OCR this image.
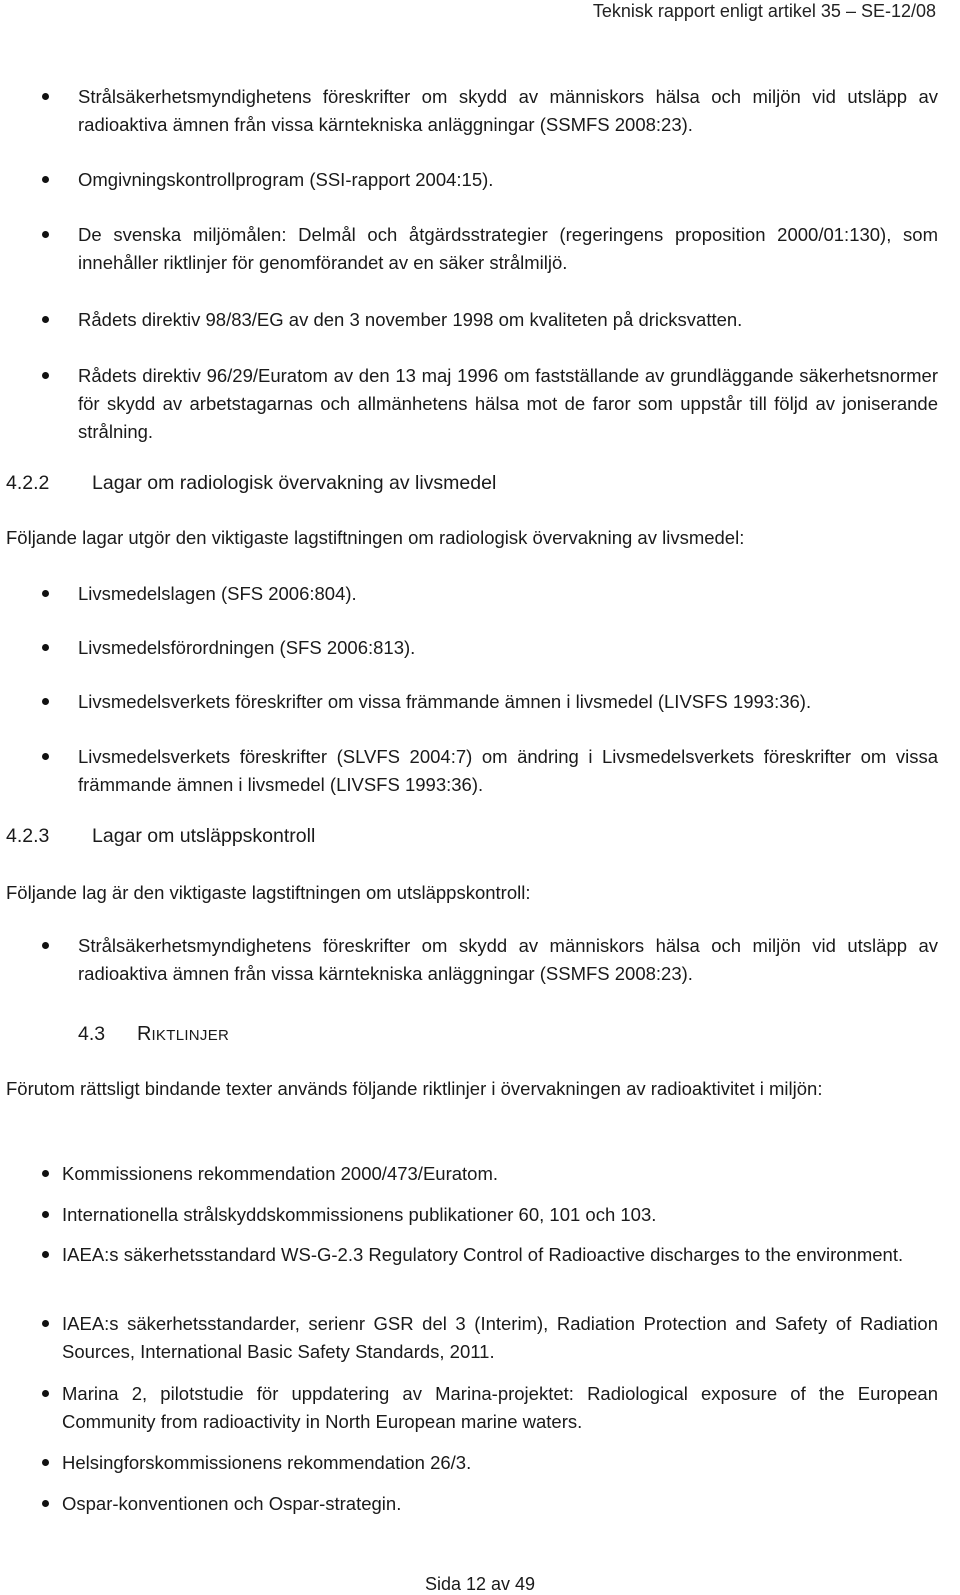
Teknisk rapport enligt artikel 35 – SE-12/08
Strålsäkerhetsmyndighetens föreskrifter om skydd av människors hälsa och miljön vid utsläpp av radioaktiva ämnen från vissa kärntekniska anläggningar (SSMFS 2008:23).
Omgivningskontrollprogram (SSI-rapport 2004:15).
De svenska miljömålen: Delmål och åtgärdsstrategier (regeringens proposition 2000/01:130), som innehåller riktlinjer för genomförandet av en säker strålmiljö.
Rådets direktiv 98/83/EG av den 3 november 1998 om kvaliteten på dricksvatten.
Rådets direktiv 96/29/Euratom av den 13 maj 1996 om fastställande av grundläggande säkerhetsnormer för skydd av arbetstagarnas och allmänhetens hälsa mot de faror som uppstår till följd av joniserande strålning.
4.2.2 Lagar om radiologisk övervakning av livsmedel
Följande lagar utgör den viktigaste lagstiftningen om radiologisk övervakning av livsmedel:
Livsmedelslagen (SFS 2006:804).
Livsmedelsförordningen (SFS 2006:813).
Livsmedelsverkets föreskrifter om vissa främmande ämnen i livsmedel (LIVSFS 1993:36).
Livsmedelsverkets föreskrifter (SLVFS 2004:7) om ändring i Livsmedelsverkets föreskrifter om vissa främmande ämnen i livsmedel (LIVSFS 1993:36).
4.2.3 Lagar om utsläppskontroll
Följande lag är den viktigaste lagstiftningen om utsläppskontroll:
Strålsäkerhetsmyndighetens föreskrifter om skydd av människors hälsa och miljön vid utsläpp av radioaktiva ämnen från vissa kärntekniska anläggningar (SSMFS 2008:23).
4.3 RIKTLINJER
Förutom rättsligt bindande texter används följande riktlinjer i övervakningen av radioaktivitet i miljön:
Kommissionens rekommendation 2000/473/Euratom.
Internationella strålskyddskommissionens publikationer 60, 101 och 103.
IAEA:s säkerhetsstandard WS-G-2.3 Regulatory Control of Radioactive discharges to the environment.
IAEA:s säkerhetsstandarder, serienr GSR del 3 (Interim), Radiation Protection and Safety of Radiation Sources, International Basic Safety Standards, 2011.
Marina 2, pilotstudie för uppdatering av Marina-projektet: Radiological exposure of the European Community from radioactivity in North European marine waters.
Helsingforskommissionens rekommendation 26/3.
Ospar-konventionen och Ospar-strategin.
Sida 12 av 49
